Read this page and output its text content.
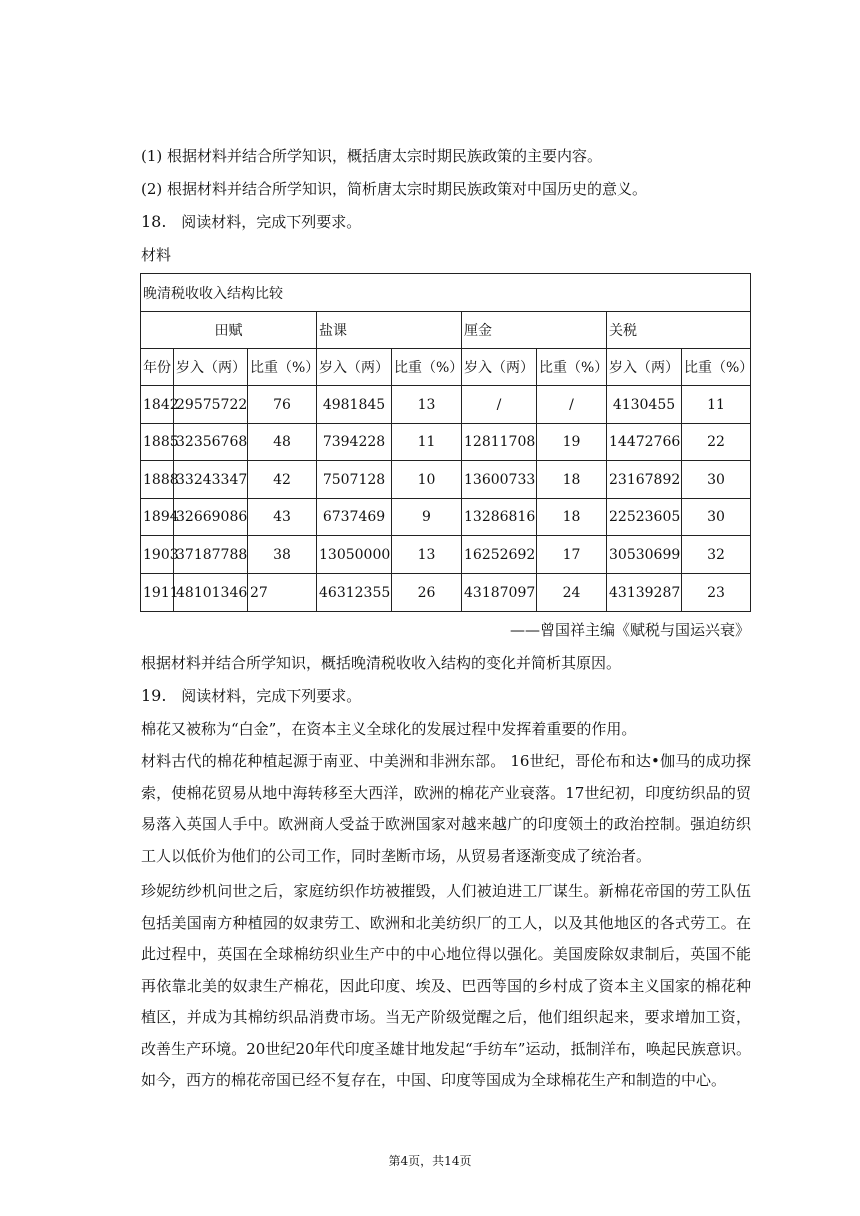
(1) 根据材料并结合所学知识，概括唐太宗时期民族政策的主要内容。
(2) 根据材料并结合所学知识，简析唐太宗时期民族政策对中国历史的意义。
18. 阅读材料，完成下列要求。
材料
晚清税收收入结构比较								
田赋			盐课		厘金		关税	
年份	岁入（两）	比重（%）	岁入（两）	比重（%）	岁入（两）	比重（%）	岁入（两）	比重（%）
1842	29575722	76	4981845	13	/	/	4130455	11
1885	32356768	48	7394228	11	12811708	19	14472766	22
1888	33243347	42	7507128	10	13600733	18	23167892	30
1894	32669086	43	6737469	9	13286816	18	22523605	30
1903	37187788	38	13050000	13	16252692	17	30530699	32
1911	48101346	27	46312355	26	43187097	24	43139287	23
——曾国祥主编《赋税与国运兴衰》
根据材料并结合所学知识，概括晚清税收收入结构的变化并简析其原因。
19. 阅读材料，完成下列要求。
棉花又被称为“白金”，在资本主义全球化的发展过程中发挥着重要的作用。
材料古代的棉花种植起源于南亚、中美洲和非洲东部。 16世纪，哥伦布和达•伽马的成功探索，使棉花贸易从地中海转移至大西洋，欧洲的棉花产业衰落。17世纪初，印度纺织品的贸易落入英国人手中。欧洲商人受益于欧洲国家对越来越广的印度领土的政治控制。强迫纺织工人以低价为他们的公司工作，同时垄断市场，从贸易者逐渐变成了统治者。
珍妮纺纱机问世之后，家庭纺织作坊被摧毁，人们被迫进工厂谋生。新棉花帝国的劳工队伍包括美国南方种植园的奴隶劳工、欧洲和北美纺织厂的工人，以及其他地区的各式劳工。在此过程中，英国在全球棉纺织业生产中的中心地位得以强化。美国废除奴隶制后，英国不能再依靠北美的奴隶生产棉花，因此印度、埃及、巴西等国的乡村成了资本主义国家的棉花种植区，并成为其棉纺织品消费市场。当无产阶级觉醒之后，他们组织起来，要求增加工资，改善生产环境。20世纪20年代印度圣雄甘地发起“手纺车”运动，抵制洋布，唤起民族意识。如今，西方的棉花帝国已经不复存在，中国、印度等国成为全球棉花生产和制造的中心。
第4页，共14页
